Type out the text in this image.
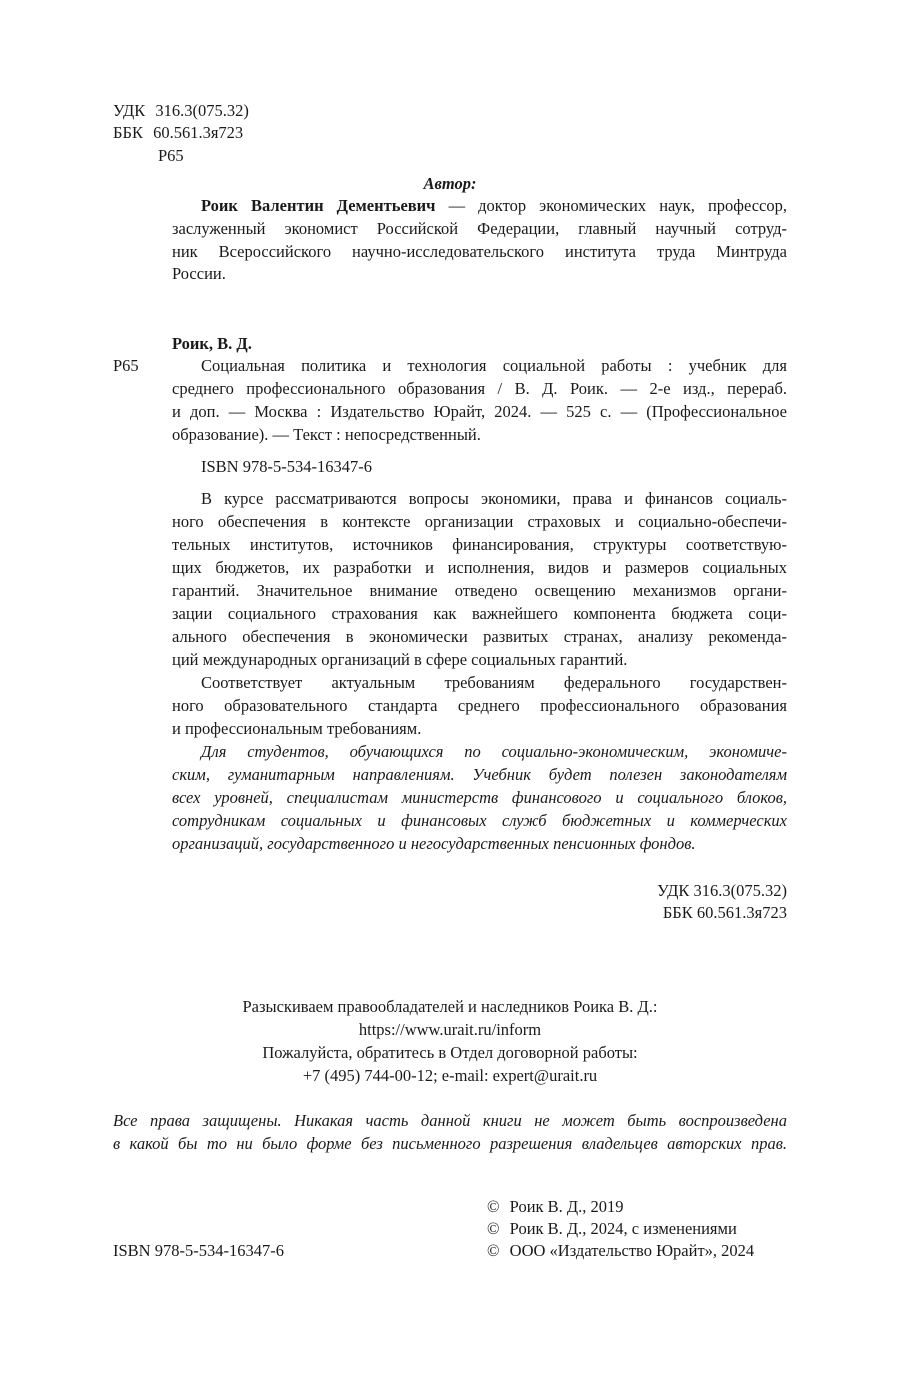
УДК 316.3(075.32)
ББК 60.561.3я723
Р65
Автор:
Роик Валентин Дементьевич — доктор экономических наук, профессор,
заслуженный экономист Российской Федерации, главный научный сотруд-
ник Всероссийского научно-исследовательского института труда Минтруда
России.
Роик, В. Д.
Р65	Социальная политика и технология социальной работы : учебник для
среднего профессионального образования / В. Д. Роик. — 2-е изд., перераб.
и доп. — Москва : Издательство Юрайт, 2024. — 525 с. — (Профессиональное
образование). — Текст : непосредственный.
ISBN 978-5-534-16347-6
В курсе рассматриваются вопросы экономики, права и финансов социаль-
ного обеспечения в контексте организации страховых и социально-обеспечи-
тельных институтов, источников финансирования, структуры соответствую-
щих бюджетов, их разработки и исполнения, видов и размеров социальных
гарантий. Значительное внимание отведено освещению механизмов органи-
зации социального страхования как важнейшего компонента бюджета соци-
ального обеспечения в экономически развитых странах, анализу рекоменда-
ций международных организаций в сфере социальных гарантий.
Соответствует актуальным требованиям федерального государствен-
ного образовательного стандарта среднего профессионального образования
и профессиональным требованиям.
Для студентов, обучающихся по социально-экономическим, экономиче-
ским, гуманитарным направлениям. Учебник будет полезен законодателям
всех уровней, специалистам министерств финансового и социального блоков,
сотрудникам социальных и финансовых служб бюджетных и коммерческих
организаций, государственного и негосударственных пенсионных фондов.
УДК 316.3(075.32)
ББК 60.561.3я723
Разыскиваем правообладателей и наследников Роика В. Д.:
https://www.urait.ru/inform
Пожалуйста, обратитесь в Отдел договорной работы:
+7 (495) 744-00-12; e-mail: expert@urait.ru
Все права защищены. Никакая часть данной книги не может быть воспроизведена
в какой бы то ни было форме без письменного разрешения владельцев авторских прав.
© Роик В. Д., 2019
© Роик В. Д., 2024, с изменениями
ISBN 978-5-534-16347-6	© ООО «Издательство Юрайт», 2024
